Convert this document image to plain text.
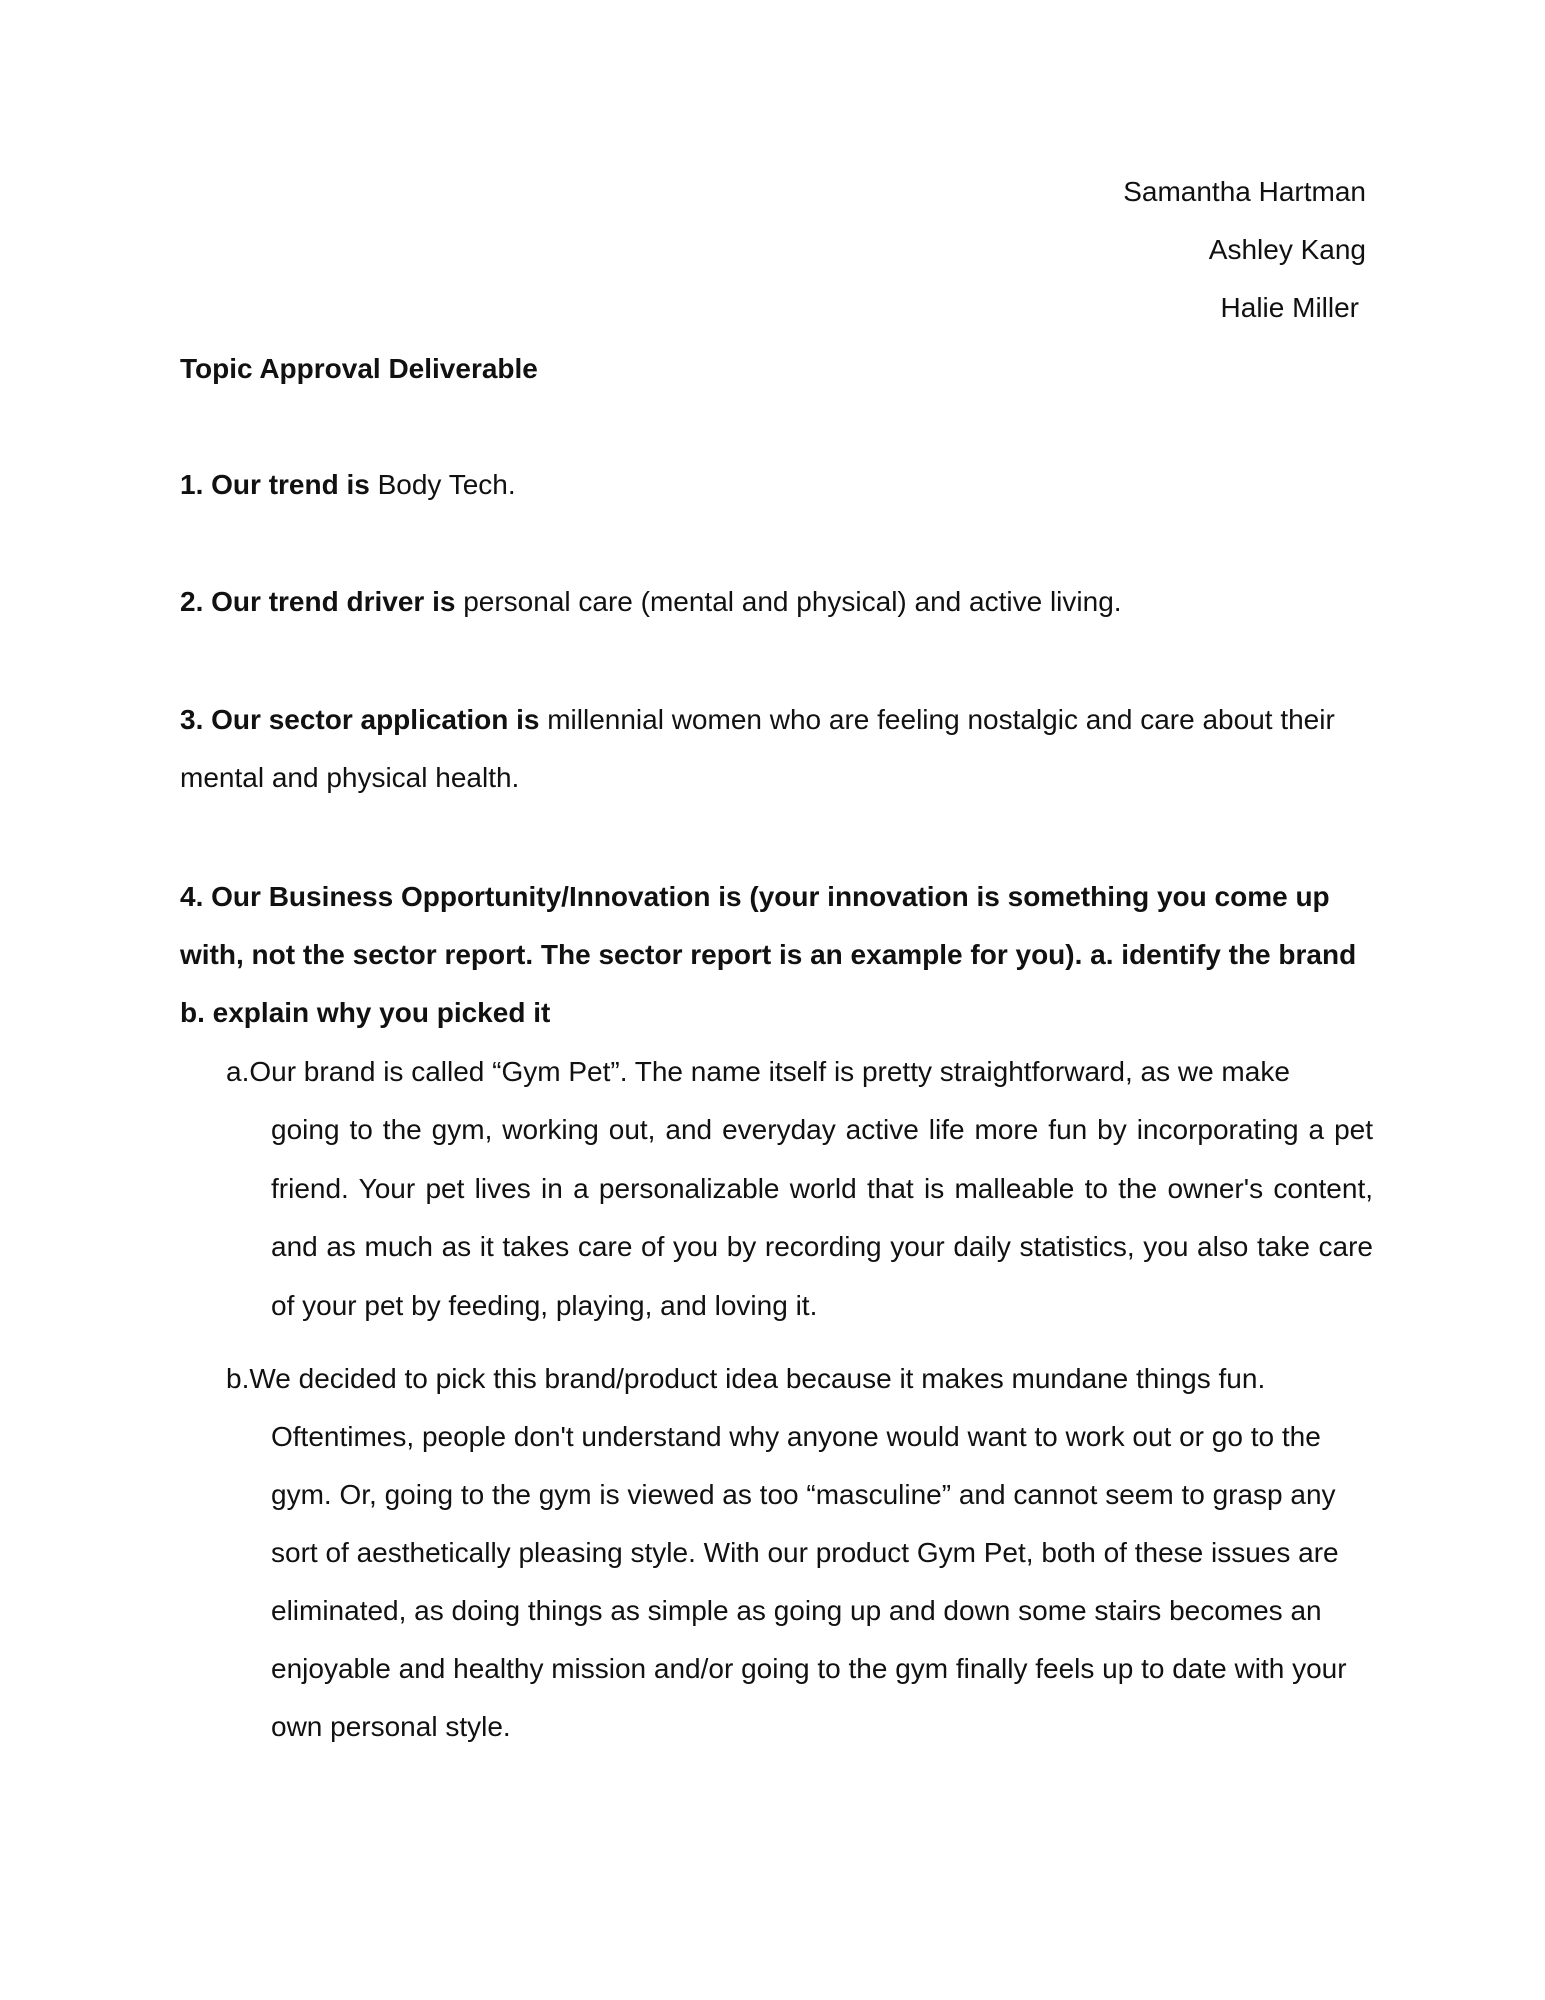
Samantha Hartman
Ashley Kang
Halie Miller
Topic Approval Deliverable
1. Our trend is Body Tech.
2. Our trend driver is personal care (mental and physical) and active living.
3. Our sector application is millennial women who are feeling nostalgic and care about their
mental and physical health.
4. Our Business Opportunity/Innovation is (your innovation is something you come up
with, not the sector report. The sector report is an example for you). a. identify the brand
b. explain why you picked it
a.Our brand is called “Gym Pet”. The name itself is pretty straightforward, as we make
going to the gym, working out, and everyday active life more fun by incorporating a pet friend. Your pet lives in a personalizable world that is malleable to the owner's content, and as much as it takes care of you by recording your daily statistics, you also take care of your pet by feeding, playing, and loving it.
b.We decided to pick this brand/product idea because it makes mundane things fun.
Oftentimes, people don't understand why anyone would want to work out or go to the
gym. Or, going to the gym is viewed as too “masculine” and cannot seem to grasp any
sort of aesthetically pleasing style. With our product Gym Pet, both of these issues are
eliminated, as doing things as simple as going up and down some stairs becomes an
enjoyable and healthy mission and/or going to the gym finally feels up to date with your
own personal style.
